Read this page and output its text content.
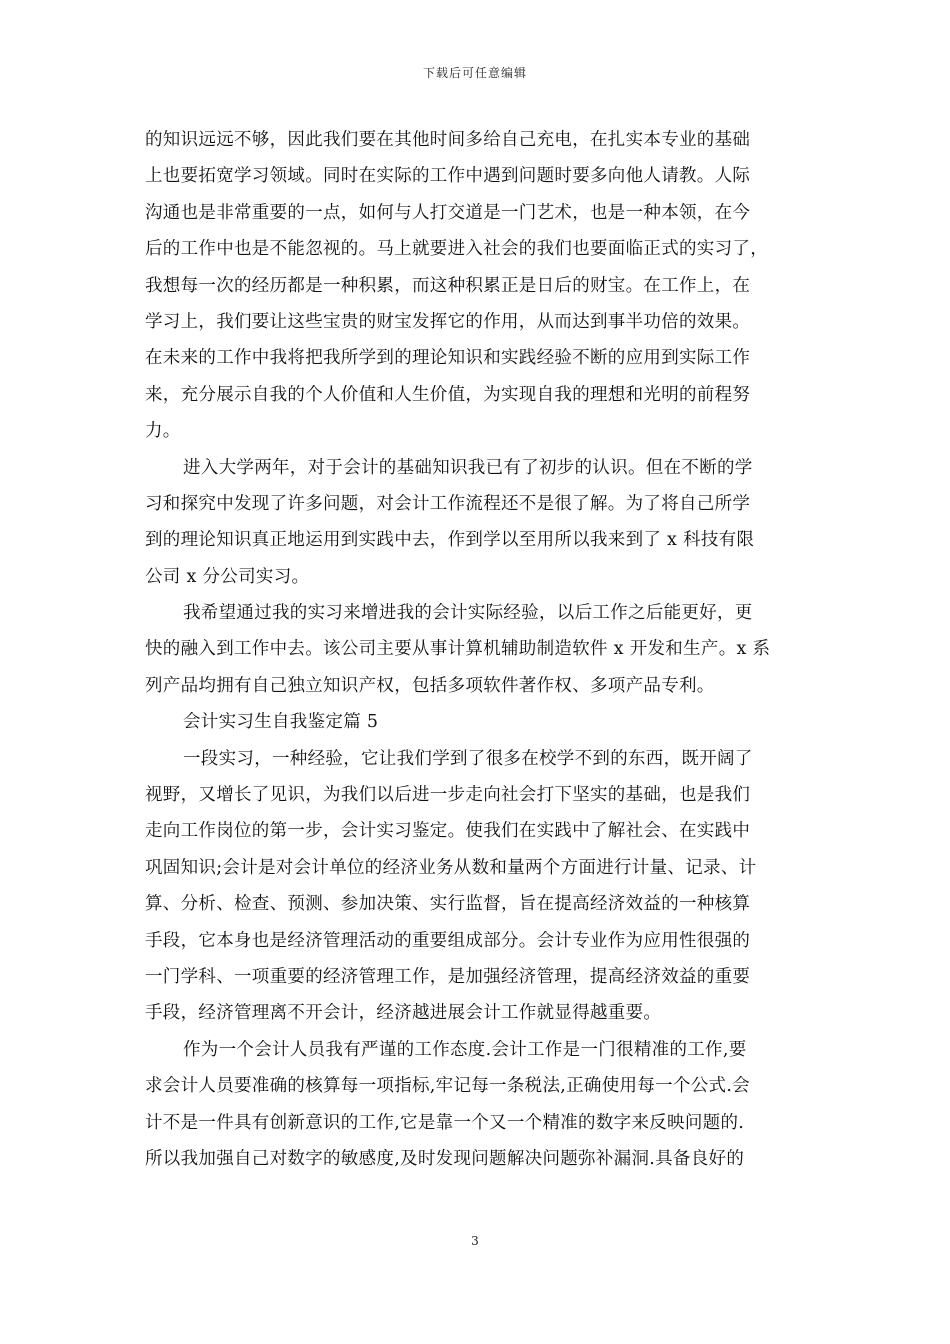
下载后可任意编辑
的知识远远不够，因此我们要在其他时间多给自己充电，在扎实本专业的基础
上也要拓宽学习领域。同时在实际的工作中遇到问题时要多向他人请教。人际
沟通也是非常重要的一点，如何与人打交道是一门艺术，也是一种本领，在今
后的工作中也是不能忽视的。马上就要进入社会的我们也要面临正式的实习了，
我想每一次的经历都是一种积累，而这种积累正是日后的财宝。在工作上，在
学习上，我们要让这些宝贵的财宝发挥它的作用，从而达到事半功倍的效果。
在未来的工作中我将把我所学到的理论知识和实践经验不断的应用到实际工作
来，充分展示自我的个人价值和人生价值，为实现自我的理想和光明的前程努
力。
进入大学两年，对于会计的基础知识我已有了初步的认识。但在不断的学
习和探究中发现了许多问题，对会计工作流程还不是很了解。为了将自己所学
到的理论知识真正地运用到实践中去，作到学以至用所以我来到了 x 科技有限
公司 x 分公司实习。
我希望通过我的实习来增进我的会计实际经验，以后工作之后能更好，更
快的融入到工作中去。该公司主要从事计算机辅助制造软件 x 开发和生产。x 系
列产品均拥有自己独立知识产权，包括多项软件著作权、多项产品专利。
会计实习生自我鉴定篇 5
一段实习，一种经验，它让我们学到了很多在校学不到的东西，既开阔了
视野，又增长了见识，为我们以后进一步走向社会打下坚实的基础，也是我们
走向工作岗位的第一步，会计实习鉴定。使我们在实践中了解社会、在实践中
巩固知识;会计是对会计单位的经济业务从数和量两个方面进行计量、记录、计
算、分析、检查、预测、参加决策、实行监督，旨在提高经济效益的一种核算
手段，它本身也是经济管理活动的重要组成部分。会计专业作为应用性很强的
一门学科、一项重要的经济管理工作，是加强经济管理，提高经济效益的重要
手段，经济管理离不开会计，经济越进展会计工作就显得越重要。
作为一个会计人员我有严谨的工作态度.会计工作是一门很精准的工作,要
求会计人员要准确的核算每一项指标,牢记每一条税法,正确使用每一个公式.会
计不是一件具有创新意识的工作,它是靠一个又一个精准的数字来反映问题的.
所以我加强自己对数字的敏感度,及时发现问题解决问题弥补漏洞.具备良好的
3
